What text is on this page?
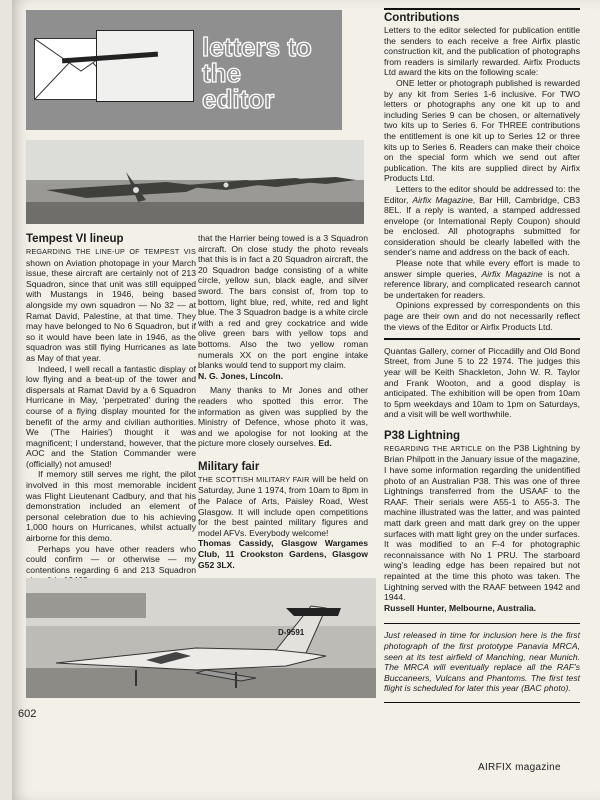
letters to
the
editor
Tempest VI lineup

REGARDING THE LINE-UP OF TEMPEST VIS shown on Aviation photopage in your March issue, these aircraft are certainly not of 213 Squadron, since that unit was still equipped with Mustangs in 1946, being based alongside my own squadron — No 32 — at Ramat David, Palestine, at that time. They may have belonged to No 6 Squadron, but if so it would have been late in 1946, as the squadron was still flying Hurricanes as late as May of that year.

Indeed, I well recall a fantastic display of low flying and a beat-up of the tower and dispersals at Ramat David by a 6 Squadron Hurricane in May, 'perpetrated' during the course of a flying display mounted for the benefit of the army and civilian authorities. We ('The Hairies') thought it was magnificent; I understand, however, that the AOC and the Station Commander were (officially) not amused!

If memory still serves me right, the pilot involved in this most memorable incident was Flight Lieutenant Cadbury, and that his demonstration included an element of personal celebration due to his achieving 1,000 hours on Hurricanes, whilst actually airborne for this demo.

Perhaps you have other readers who could confirm — or otherwise — my contentions regarding 6 and 213 Squadron

that the Harrier being towed is a 3 Squadron aircraft. On close study the photo reveals that this is in fact a 20 Squadron aircraft, the 20 Squadron badge consisting of a white circle, yellow sun, black eagle, and silver sword. The bars consist of, from top to bottom, light blue, red, white, red and light blue. The 3 Squadron badge is a white circle with a red and grey cockatrice and wide olive green bars with yellow tops and bottoms. Also the two yellow roman numerals XX on the port engine intake blanks would tend to support my claim.

N. G. Jones, Lincoln.

Many thanks to Mr Jones and other readers who spotted this error. The information as given was supplied by the Ministry of Defence, whose photo it was, and we apologise for not looking at the picture more closely ourselves. Ed.

Military fair

THE SCOTTISH MILITARY FAIR will be held on Saturday, June 1 1974, from 10am to 8pm in the Palace of Arts, Paisley Road, West Glasgow. It will include open competitions for the best painted military figures and model AFVs. Everybody welcome!

Thomas Cassidy, Glasgow Wargames Club, 11 Crookston Gardens, Glasgow G52 3LX.

D-9591
602
Contributions

Letters to the editor selected for publication entitle the senders to each receive a free Airfix plastic construction kit, and the publication of photographs from readers is similarly rewarded. Airfix Products Ltd award the kits on the following scale:

ONE letter or photograph published is rewarded by any kit from Series 1-6 inclusive. For TWO letters or photographs any one kit up to and including Series 9 can be chosen, or alternatively two kits up to Series 6. For THREE contributions the entitlement is one kit up to Series 12 or three kits up to Series 6. Readers can make their choice on the special form which we send out after publication. The kits are supplied direct by Airfix Products Ltd.

Letters to the editor should be addressed to: the Editor, Airfix Magazine, Bar Hill, Cambridge, CB3 8EL. If a reply is wanted, a stamped addressed envelope (or International Reply Coupon) should be enclosed. All photographs submitted for consideration should be clearly labelled with the sender's name and address on the back of each.

Please note that while every effort is made to answer simple queries, Airfix Magazine is not a reference library, and complicated research cannot be undertaken for readers.

Opinions expressed by correspondents on this page are their own and do not necessarily reflect the views of the Editor or Airfix Products Ltd.

Quantas Gallery, corner of Piccadilly and Old Bond Street, from June 5 to 22 1974. The judges this year will be Keith Shackleton, John W. R. Taylor and Frank Wooton, and a good display is anticipated. The exhibition will be open from 10am to 5pm weekdays and 10am to 1pm on Saturdays, and a visit will be well worthwhile.

P38 Lightning

REGARDING THE ARTICLE on the P38 Lightning by Brian Philpott in the January issue of the magazine, I have some information regarding the unidentified photo of an Australian P38. This was one of three Lightnings transferred from the USAAF to the RAAF. Their serials were A55-1 to A55-3. The machine illustrated was the latter, and was painted matt dark green and matt dark grey on the upper surfaces with matt light grey on the under surfaces. It was modified to an F-4 for photographic reconnaissance with No 1 PRU. The starboard wing's leading edge has been repaired but not repainted at the time this photo was taken. The Lightning served with the RAAF between 1942 and 1944.

Russell Hunter, Melbourne, Australia.

Just released in time for inclusion here is the first photograph of the first prototype Panavia MRCA, seen at its test airfield of Manching, near Munich. The MRCA will eventually replace all the RAF's Buccaneers, Vulcans and Phantoms. The first test flight is scheduled for later this year (BAC photo).

AIRFIX magazine
